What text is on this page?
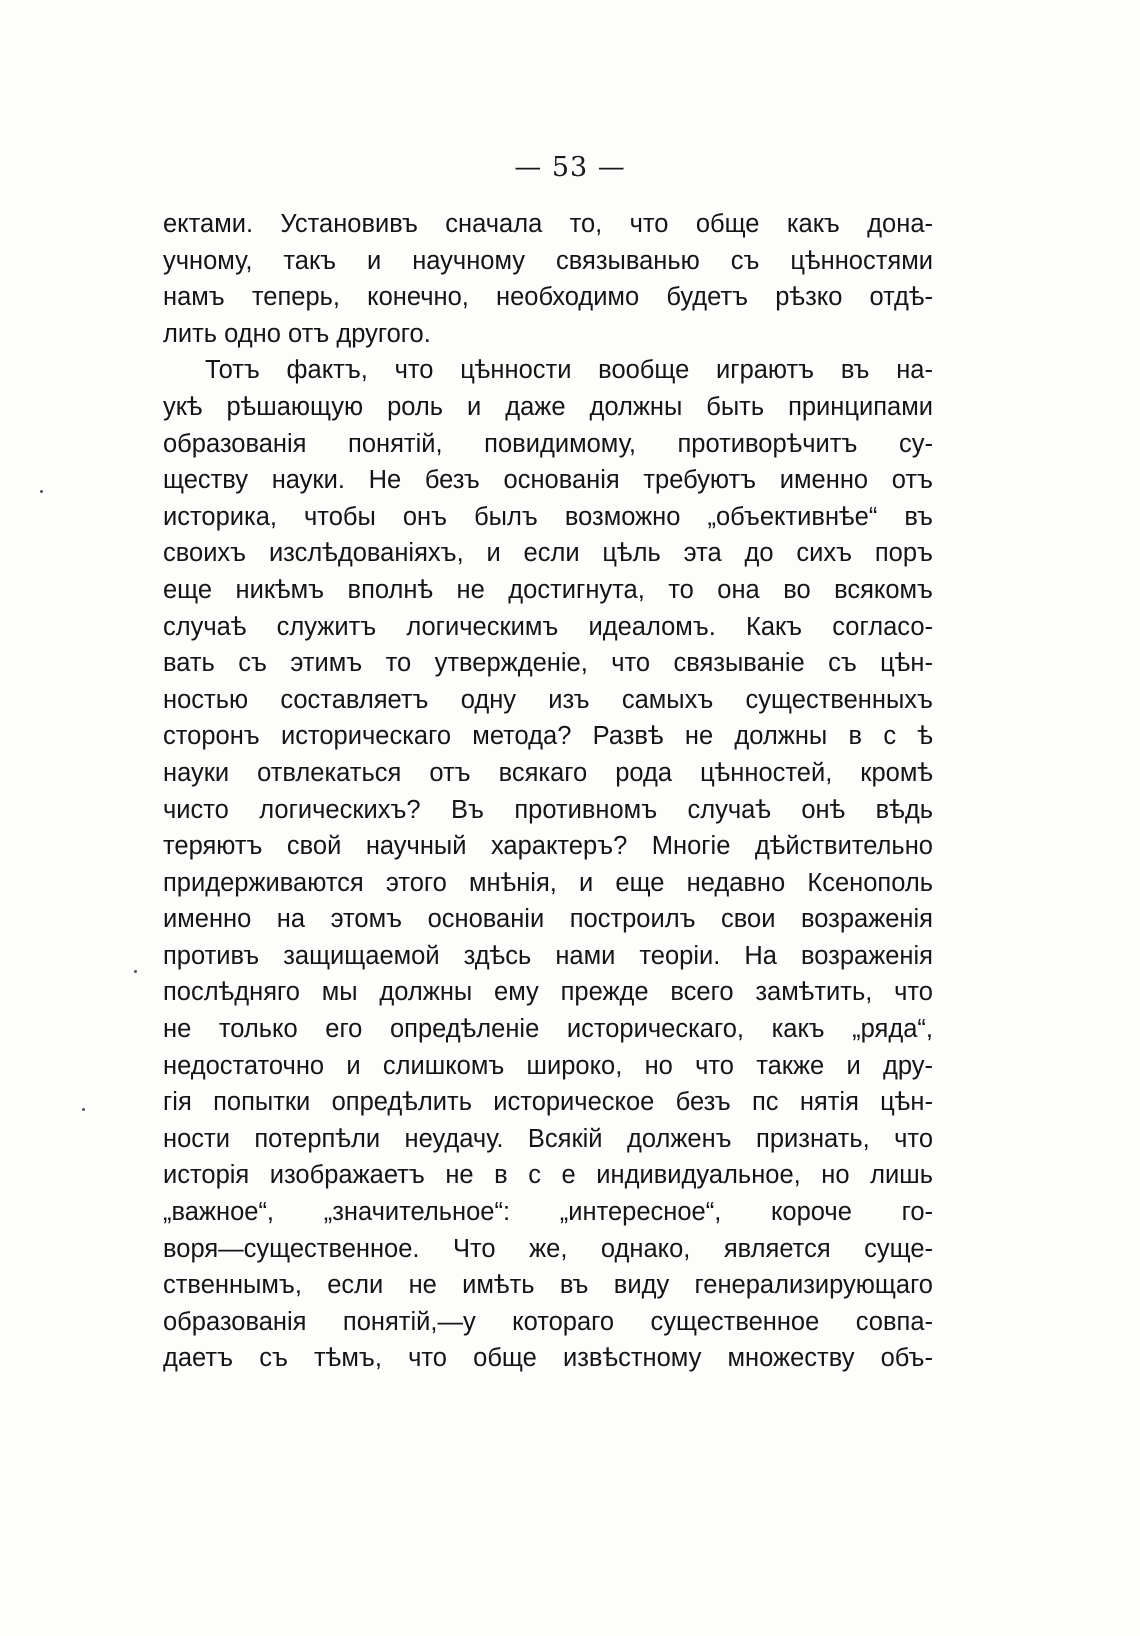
— 53 —
ектами. Установивъ сначала то, что обще какъ дона-
учному, такъ и научному связыванью съ цѣнностями
намъ теперь, конечно, необходимо будетъ рѣзко отдѣ-
лить одно отъ другого.
Тотъ фактъ, что цѣнности вообще играютъ въ на-
укѣ рѣшающую роль и даже должны быть принципами
образованія понятій, повидимому, противорѣчитъ су-
ществу науки. Не безъ основанія требуютъ именно отъ
историка, чтобы онъ былъ возможно „объективнѣе“ въ
своихъ изслѣдованіяхъ, и если цѣль эта до сихъ поръ
еще никѣмъ вполнѣ не достигнута, то она во всякомъ
случаѣ служитъ логическимъ идеаломъ. Какъ согласо-
вать съ этимъ то утвержденіе, что связываніе съ цѣн-
ностью составляетъ одну изъ самыхъ существенныхъ
сторонъ историческаго метода? Развѣ не должны в с ѣ
науки отвлекаться отъ всякаго рода цѣнностей, кромѣ
чисто логическихъ? Въ противномъ случаѣ онѣ вѣдь
теряютъ свой научный характеръ? Многіе дѣйствительно
придерживаются этого мнѣнія, и еще недавно Ксенополь
именно на этомъ основаніи построилъ свои возраженія
противъ защищаемой здѣсь нами теоріи. На возраженія
послѣдняго мы должны ему прежде всего замѣтить, что
не только его опредѣленіе историческаго, какъ „ряда“,
недостаточно и слишкомъ широко, но что также и дру-
гія попытки опредѣлить историческое безъ пс нятія цѣн-
ности потерпѣли неудачу. Всякій долженъ признать, что
исторія изображаетъ не в с е индивидуальное, но лишь
„важное“, „значительное“: „интересное“, короче го-
воря—существенное. Что же, однако, является суще-
ственнымъ, если не имѣть въ виду генерализирующаго
образованія понятій,—у котораго существенное совпа-
даетъ съ тѣмъ, что обще извѣстному множеству объ-
